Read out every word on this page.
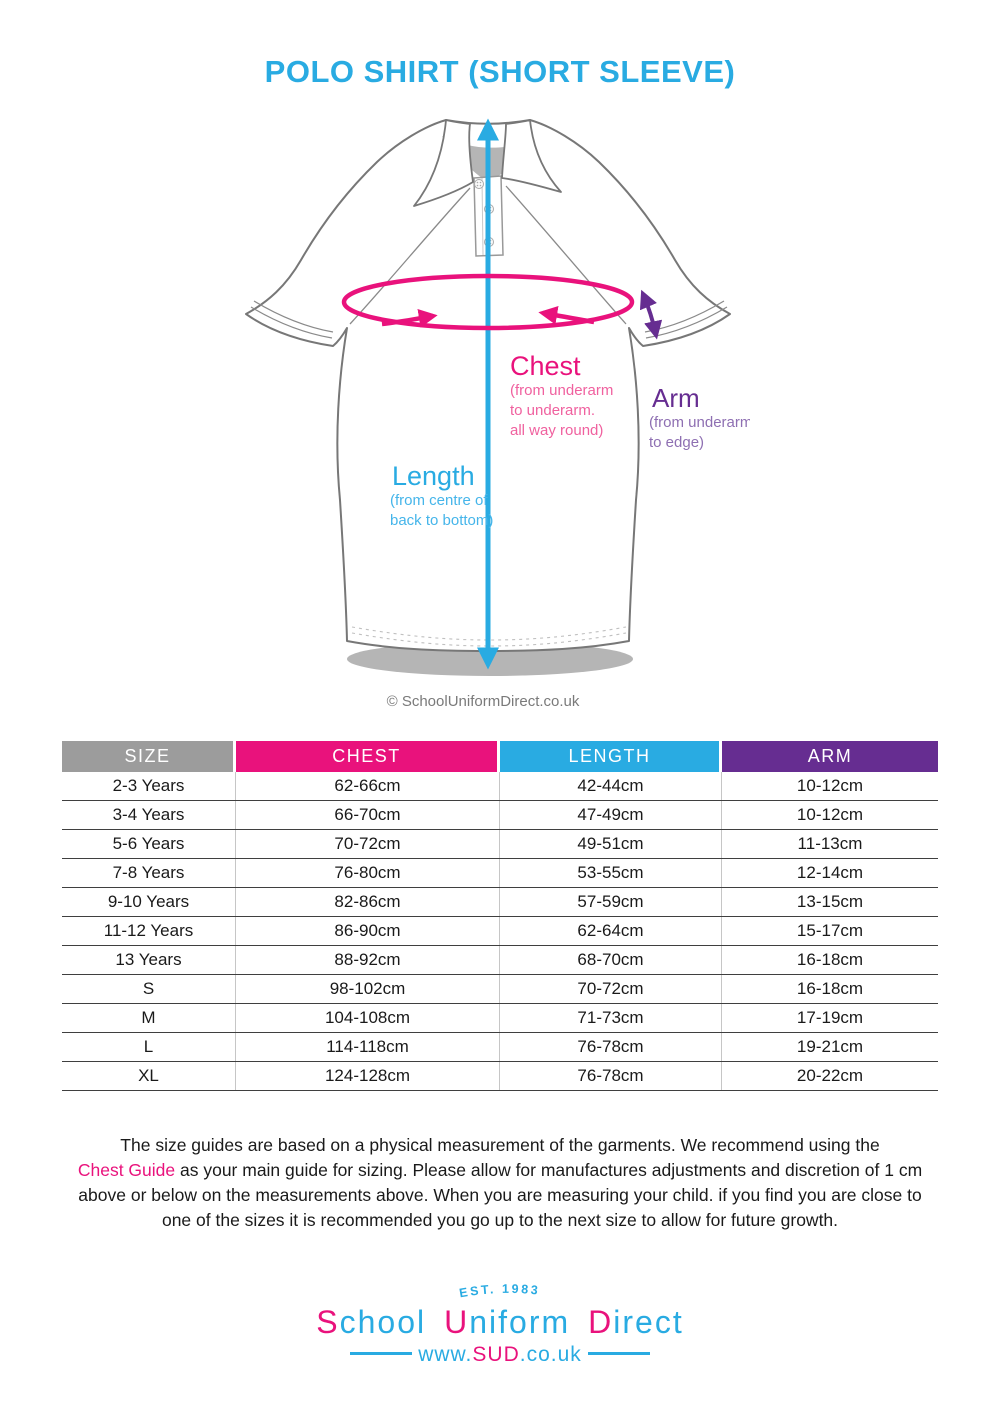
POLO SHIRT (SHORT SLEEVE)
Chest
(from underarm
to underarm.
all way round)
Arm
(from underarm
to edge)
Length
(from centre of
back to bottom)
© SchoolUniformDirect.co.uk
SIZE	CHEST	LENGTH	ARM
2-3 Years	62-66cm	42-44cm	10-12cm
3-4 Years	66-70cm	47-49cm	10-12cm
5-6 Years	70-72cm	49-51cm	11-13cm
7-8 Years	76-80cm	53-55cm	12-14cm
9-10 Years	82-86cm	57-59cm	13-15cm
11-12 Years	86-90cm	62-64cm	15-17cm
13 Years	88-92cm	68-70cm	16-18cm
S	98-102cm	70-72cm	16-18cm
M	104-108cm	71-73cm	17-19cm
L	114-118cm	76-78cm	19-21cm
XL	124-128cm	76-78cm	20-22cm
The size guides are based on a physical measurement of the garments. We recommend using the
Chest Guide as your main guide for sizing. Please allow for manufactures adjustments and discretion of 1 cm
above or below on the measurements above. When you are measuring your child. if you find you are close to
one of the sizes it is recommended you go up to the next size to allow for future growth.
EST. 1983
School Uniform Direct
www.SUD.co.uk
